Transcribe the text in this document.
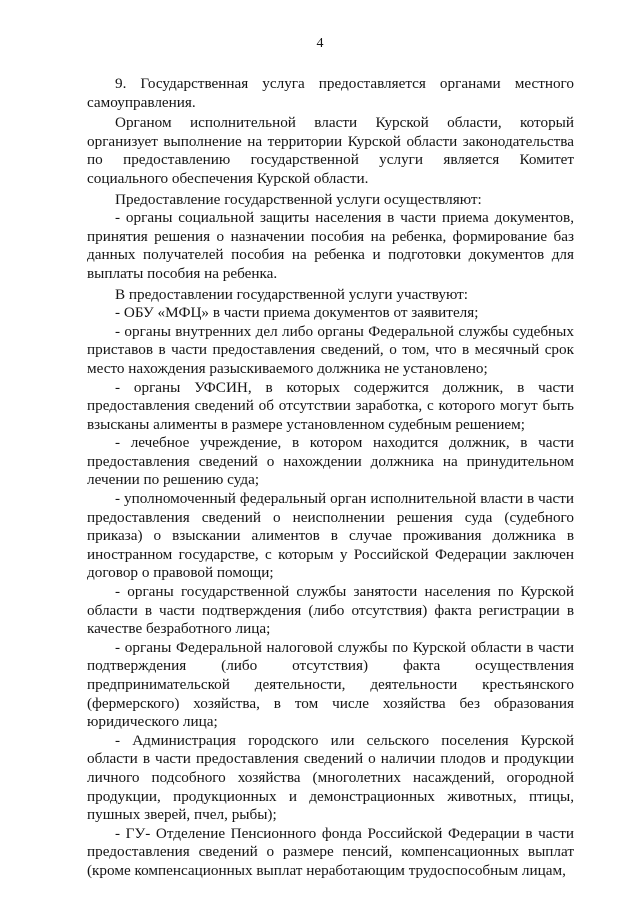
4

9. Государственная услуга предоставляется органами местного самоуправления.

Органом исполнительной власти Курской области, который организует выполнение на территории Курской области законодательства по предоставлению государственной услуги является Комитет социального обеспечения Курской области.

Предоставление государственной услуги осуществляют:

- органы социальной защиты населения в части приема документов, принятия решения о назначении пособия на ребенка, формирование баз данных получателей пособия на ребенка и подготовки документов для выплаты пособия на ребенка.

В предоставлении государственной услуги участвуют:

- ОБУ «МФЦ» в части приема документов от заявителя;

- органы внутренних дел либо органы Федеральной службы судебных приставов в части предоставления сведений, о том, что в месячный срок место нахождения разыскиваемого должника не установлено;

- органы УФСИН, в которых содержится должник, в части предоставления сведений об отсутствии заработка, с которого могут быть взысканы алименты в размере установленном судебным решением;

- лечебное учреждение, в котором находится должник, в части предоставления сведений о нахождении должника на принудительном лечении по решению суда;

- уполномоченный федеральный орган исполнительной власти в части предоставления сведений о неисполнении решения суда (судебного приказа) о взыскании алиментов в случае проживания должника в иностранном государстве, с которым у Российской Федерации заключен договор о правовой помощи;

- органы государственной службы занятости населения по Курской области в части подтверждения (либо отсутствия) факта регистрации в качестве безработного лица;

- органы Федеральной налоговой службы по Курской области в части подтверждения (либо отсутствия) факта осуществления предпринимательской деятельности, деятельности крестьянского (фермерского) хозяйства, в том числе хозяйства без образования юридического лица;

- Администрация городского или сельского поселения Курской области в части предоставления сведений о наличии плодов и продукции личного подсобного хозяйства (многолетних насаждений, огородной продукции, продукционных и демонстрационных животных, птицы, пушных зверей, пчел, рыбы);

- ГУ- Отделение Пенсионного фонда Российской Федерации в части предоставления сведений о размере пенсий, компенсационных выплат (кроме компенсационных выплат неработающим трудоспособным лицам,
